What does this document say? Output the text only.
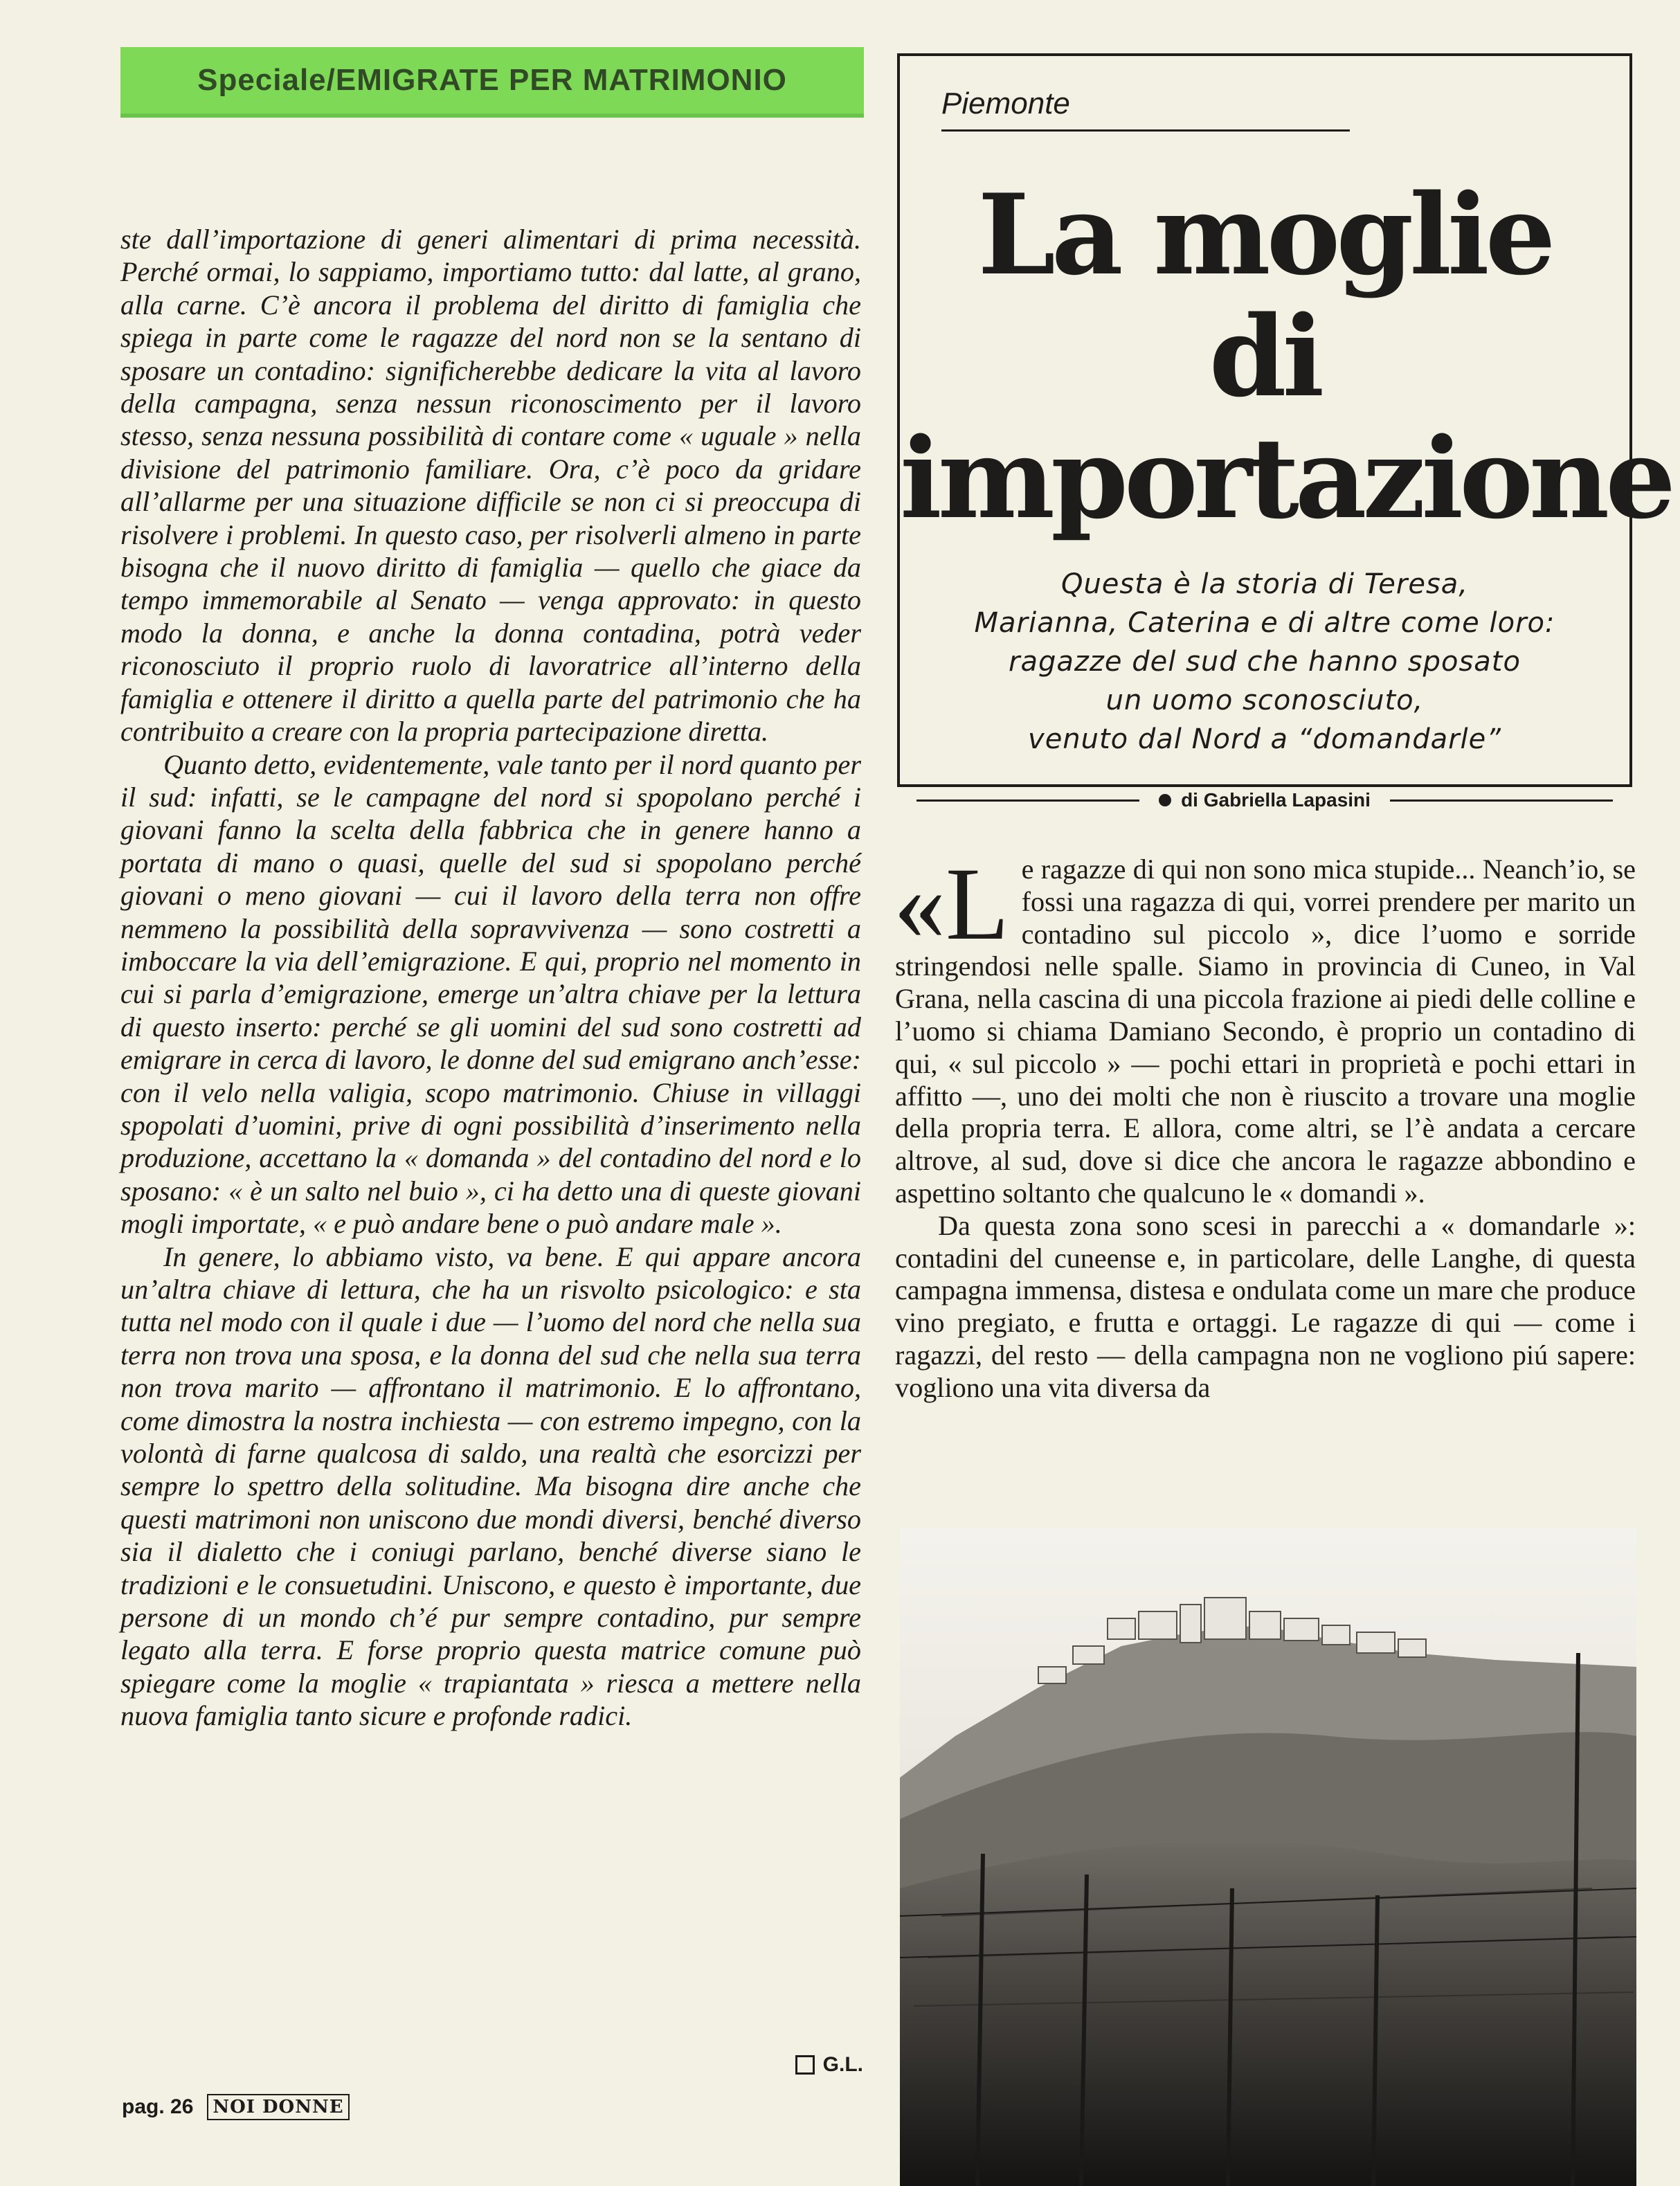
Speciale/EMIGRATE PER MATRIMONIO

ste dall’importazione di generi alimentari di prima necessità. Perché ormai, lo sappiamo, importiamo tutto: dal latte, al grano, alla carne. C’è ancora il problema del diritto di famiglia che spiega in parte come le ragazze del nord non se la sentano di sposare un contadino: significherebbe dedicare la vita al lavoro della campagna, senza nessun riconoscimento per il lavoro stesso, senza nessuna possibilità di contare come « uguale » nella divisione del patrimonio familiare. Ora, c’è poco da gridare all’allarme per una situazione difficile se non ci si preoccupa di risolvere i problemi. In questo caso, per risolverli almeno in parte bisogna che il nuovo diritto di famiglia — quello che giace da tempo immemorabile al Senato — venga approvato: in questo modo la donna, e anche la donna contadina, potrà veder riconosciuto il proprio ruolo di lavoratrice all’interno della famiglia e ottenere il diritto a quella parte del patrimonio che ha contribuito a creare con la propria partecipazione diretta.

Quanto detto, evidentemente, vale tanto per il nord quanto per il sud: infatti, se le campagne del nord si spopolano perché i giovani fanno la scelta della fabbrica che in genere hanno a portata di mano o quasi, quelle del sud si spopolano perché giovani o meno giovani — cui il lavoro della terra non offre nemmeno la possibilità della sopravvivenza — sono costretti a imboccare la via dell’emigrazione. E qui, proprio nel momento in cui si parla d’emigrazione, emerge un’altra chiave per la lettura di questo inserto: perché se gli uomini del sud sono costretti ad emigrare in cerca di lavoro, le donne del sud emigrano anch’esse: con il velo nella valigia, scopo matrimonio. Chiuse in villaggi spopolati d’uomini, prive di ogni possibilità d’inserimento nella produzione, accettano la « domanda » del contadino del nord e lo sposano: « è un salto nel buio », ci ha detto una di queste giovani mogli importate, « e può andare bene o può andare male ».

In genere, lo abbiamo visto, va bene. E qui appare ancora un’altra chiave di lettura, che ha un risvolto psicologico: e sta tutta nel modo con il quale i due — l’uomo del nord che nella sua terra non trova una sposa, e la donna del sud che nella sua terra non trova marito — affrontano il matrimonio. E lo affrontano, come dimostra la nostra inchiesta — con estremo impegno, con la volontà di farne qualcosa di saldo, una realtà che esorcizzi per sempre lo spettro della solitudine. Ma bisogna dire anche che questi matrimoni non uniscono due mondi diversi, benché diverso sia il dialetto che i coniugi parlano, benché diverse siano le tradizioni e le consuetudini. Uniscono, e questo è importante, due persone di un mondo ch’é pur sempre contadino, pur sempre legato alla terra. E forse proprio questa matrice comune può spiegare come la moglie « trapiantata » riesca a mettere nella nuova famiglia tanto sicure e profonde radici.

G.L.
pag. 26	NOI DONNE
Piemonte
La moglie
di
importazione
Questa è la storia di Teresa,
Marianna, Caterina e di altre come loro:
ragazze del sud che hanno sposato
un uomo sconosciuto,
venuto dal Nord a “domandarle”
di Gabriella Lapasini
«L e ragazze di qui non sono mica stupide... Neanch’io, se fossi una ragazza di qui, vorrei prendere per marito un contadino sul piccolo », dice l’uomo e sorride stringendosi nelle spalle. Siamo in provincia di Cuneo, in Val Grana, nella cascina di una piccola frazione ai piedi delle colline e l’uomo si chiama Damiano Secondo, è proprio un contadino di qui, « sul piccolo » — pochi ettari in proprietà e pochi ettari in affitto —, uno dei molti che non è riuscito a trovare una moglie della propria terra. E allora, come altri, se l’è andata a cercare altrove, al sud, dove si dice che ancora le ragazze abbondino e aspettino soltanto che qualcuno le « domandi ».

Da questa zona sono scesi in parecchi a « domandarle »: contadini del cuneense e, in particolare, delle Langhe, di questa campagna immensa, distesa e ondulata come un mare che produce vino pregiato, e frutta e ortaggi. Le ragazze di qui — come i ragazzi, del resto — della campagna non ne vogliono piú sapere: vogliono una vita diversa da
